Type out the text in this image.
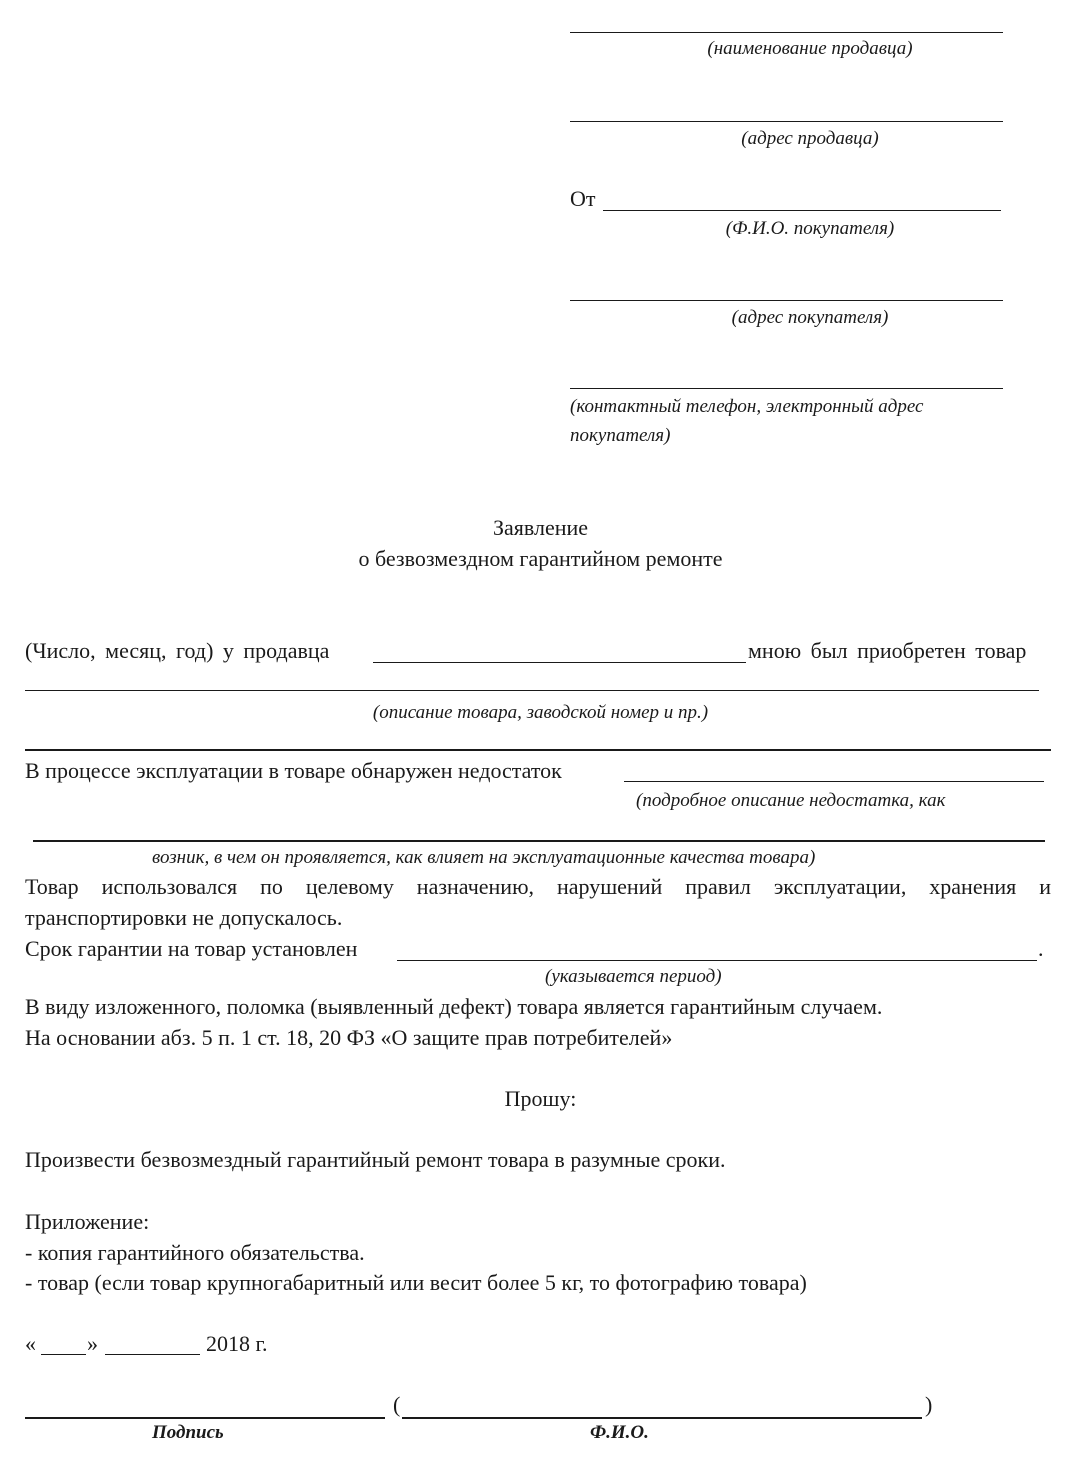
(наименование продавца)
(адрес продавца)
От
(Ф.И.О. покупателя)
(адрес покупателя)
(контактный телефон, электронный адрес
покупателя)
Заявление
о безвозмездном гарантийном ремонте
(Число, месяц, год) у продавца	мною был приобретен товар
(описание товара, заводской номер и пр.)
В процессе эксплуатации в товаре обнаружен недостаток
(подробное описание недостатка, как
возник, в чем он проявляется, как влияет на эксплуатационные качества товара)
Товар использовался по целевому назначению, нарушений правил эксплуатации, хранения и
транспортировки не допускалось.
Срок гарантии на товар установлен	.
(указывается период)
В виду изложенного, поломка (выявленный дефект) товара является гарантийным случаем.
На основании абз. 5 п. 1 ст. 18, 20 ФЗ «О защите прав потребителей»
Прошу:
Произвести безвозмездный гарантийный ремонт товара в разумные сроки.
Приложение:
- копия гарантийного обязательства.
- товар (если товар крупногабаритный или весит более 5 кг, то фотографию товара)
« »	2018 г.
(	)
Подпись	Ф.И.О.
